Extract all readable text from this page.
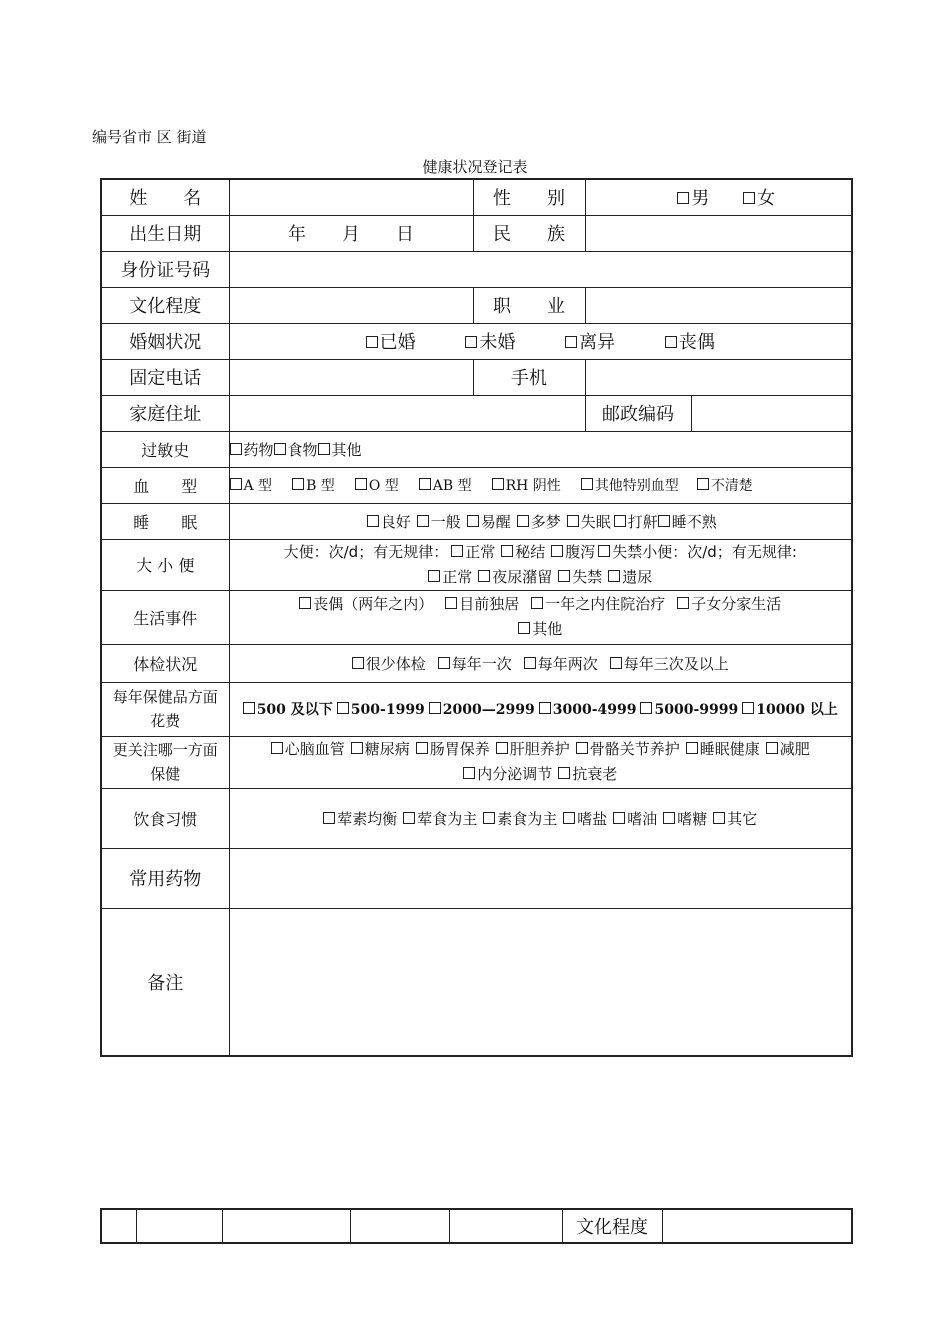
编号省市 区 街道
健康状况登记表
姓　　名		性　　别	男 女	
出生日期	年　　月　　日	民　　族		
身份证号码				
文化程度		职　　业		
婚姻状况	已婚 未婚 离异 丧偶			
固定电话		手机		
家庭住址			邮政编码	
过敏史	药物 食物 其他			
血　　型	A 型 B 型 O 型 AB 型 RH 阴性 其他特别血型 不清楚			
睡　　眠	良好 一般 易醒 多梦 失眠 打鼾 睡不熟			
大 小 便	大便：次/d；有无规律： 正常 秘结 腹泻 失禁小便：次/d；有无规律:
正常 夜尿潴留 失禁 遗尿			
生活事件	丧偶（两年之内） 目前独居 一年之内住院治疗 子女分家生活
其他			
体检状况	很少体检 每年一次 每年两次 每年三次及以上			
每年保健品方面花费	500 及以下 500-1999 2000—2999 3000-4999 5000-9999 10000 以上			
更关注哪一方面保健	心脑血管 糖尿病 肠胃保养 肝胆养护 骨骼关节养护 睡眠健康 减肥内分泌调节 抗衰老			
饮食习惯	荤素均衡 荤食为主 素食为主 嗜盐 嗜油 嗜糖 其它			
常用药物				
备注				
					文化程度	
